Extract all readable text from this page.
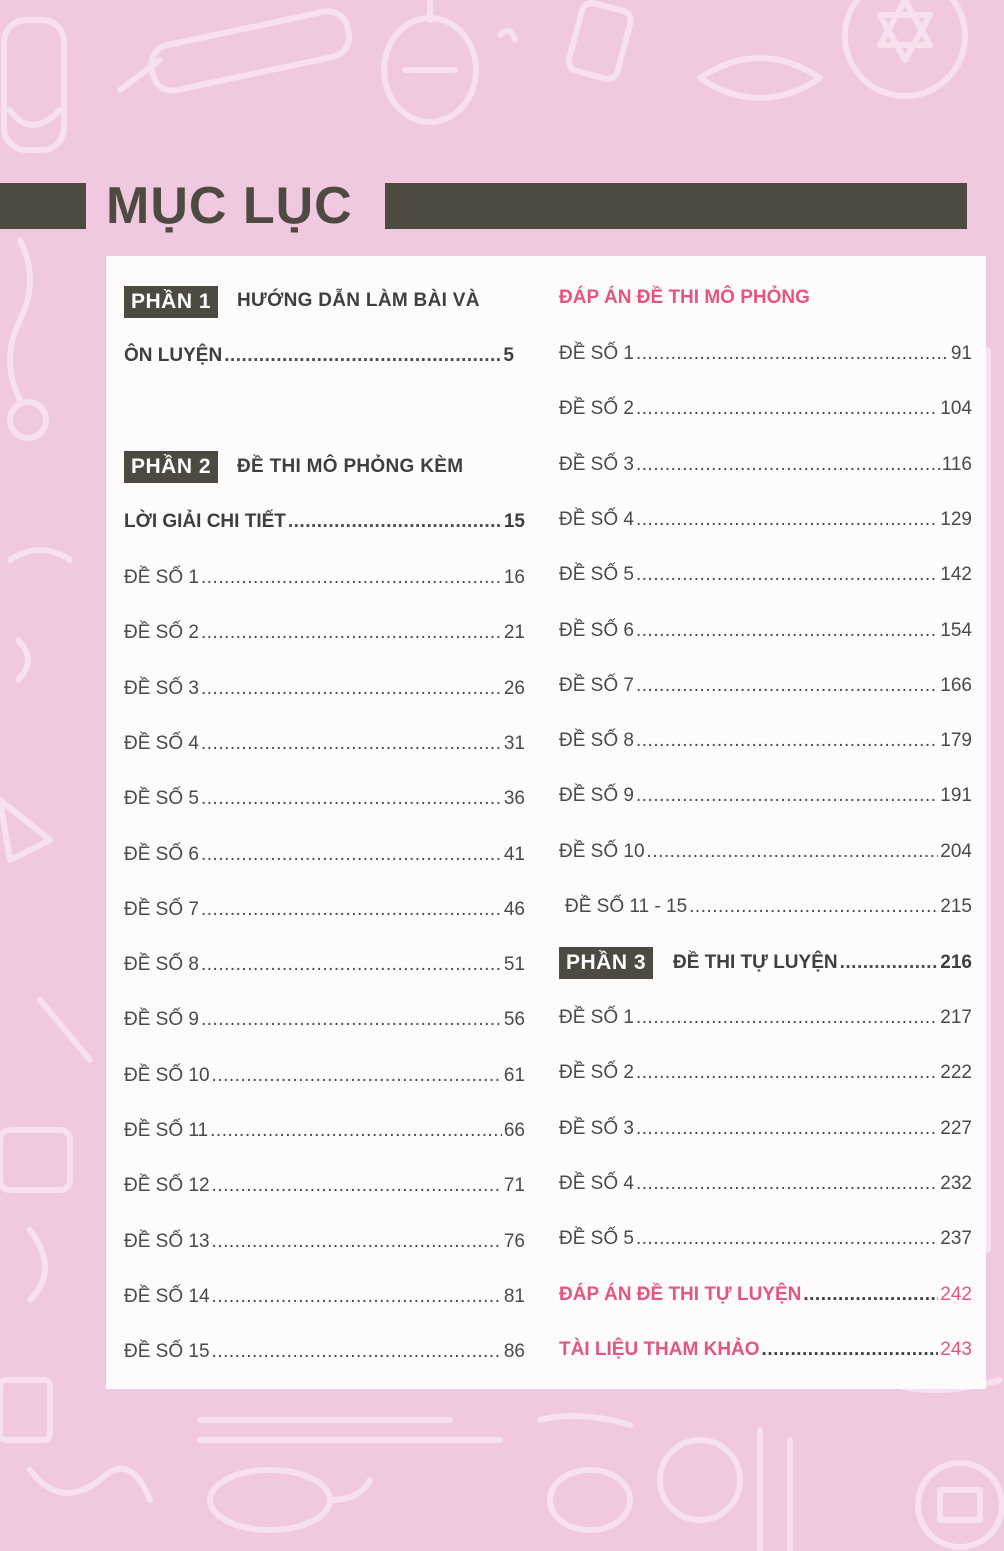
MỤC LỤC
PHẦN 1	HƯỚNG DẪN LÀM BÀI VÀ
ÔN LUYỆN .....	5
PHẦN 2	ĐỀ THI MÔ PHỎNG KÈM
LỜI GIẢI CHI TIẾT .....	15
ĐỀ SỐ 1 .....	16
ĐỀ SỐ 2 .....	21
ĐỀ SỐ 3 .....	26
ĐỀ SỐ 4 .....	31
ĐỀ SỐ 5 .....	36
ĐỀ SỐ 6 .....	41
ĐỀ SỐ 7 .....	46
ĐỀ SỐ 8 .....	51
ĐỀ SỐ 9 .....	56
ĐỀ SỐ 10 .....	61
ĐỀ SỐ 11 .....	66
ĐỀ SỐ 12 .....	71
ĐỀ SỐ 13 .....	76
ĐỀ SỐ 14 .....	81
ĐỀ SỐ 15 .....	86
ĐÁP ÁN ĐỀ THI MÔ PHỎNG
ĐỀ SỐ 1 .....	91
ĐỀ SỐ 2 .....	104
ĐỀ SỐ 3 .....	116
ĐỀ SỐ 4 .....	129
ĐỀ SỐ 5 .....	142
ĐỀ SỐ 6 .....	154
ĐỀ SỐ 7 .....	166
ĐỀ SỐ 8 .....	179
ĐỀ SỐ 9 .....	191
ĐỀ SỐ 10 .....	204
ĐỀ SỐ 11 - 15 .....	215
PHẦN 3	ĐỀ THI TỰ LUYỆN .....	216
ĐỀ SỐ 1 .....	217
ĐỀ SỐ 2 .....	222
ĐỀ SỐ 3 .....	227
ĐỀ SỐ 4 .....	232
ĐỀ SỐ 5 .....	237
ĐÁP ÁN ĐỀ THI TỰ LUYỆN .....	242
TÀI LIỆU THAM KHẢO .....	243
